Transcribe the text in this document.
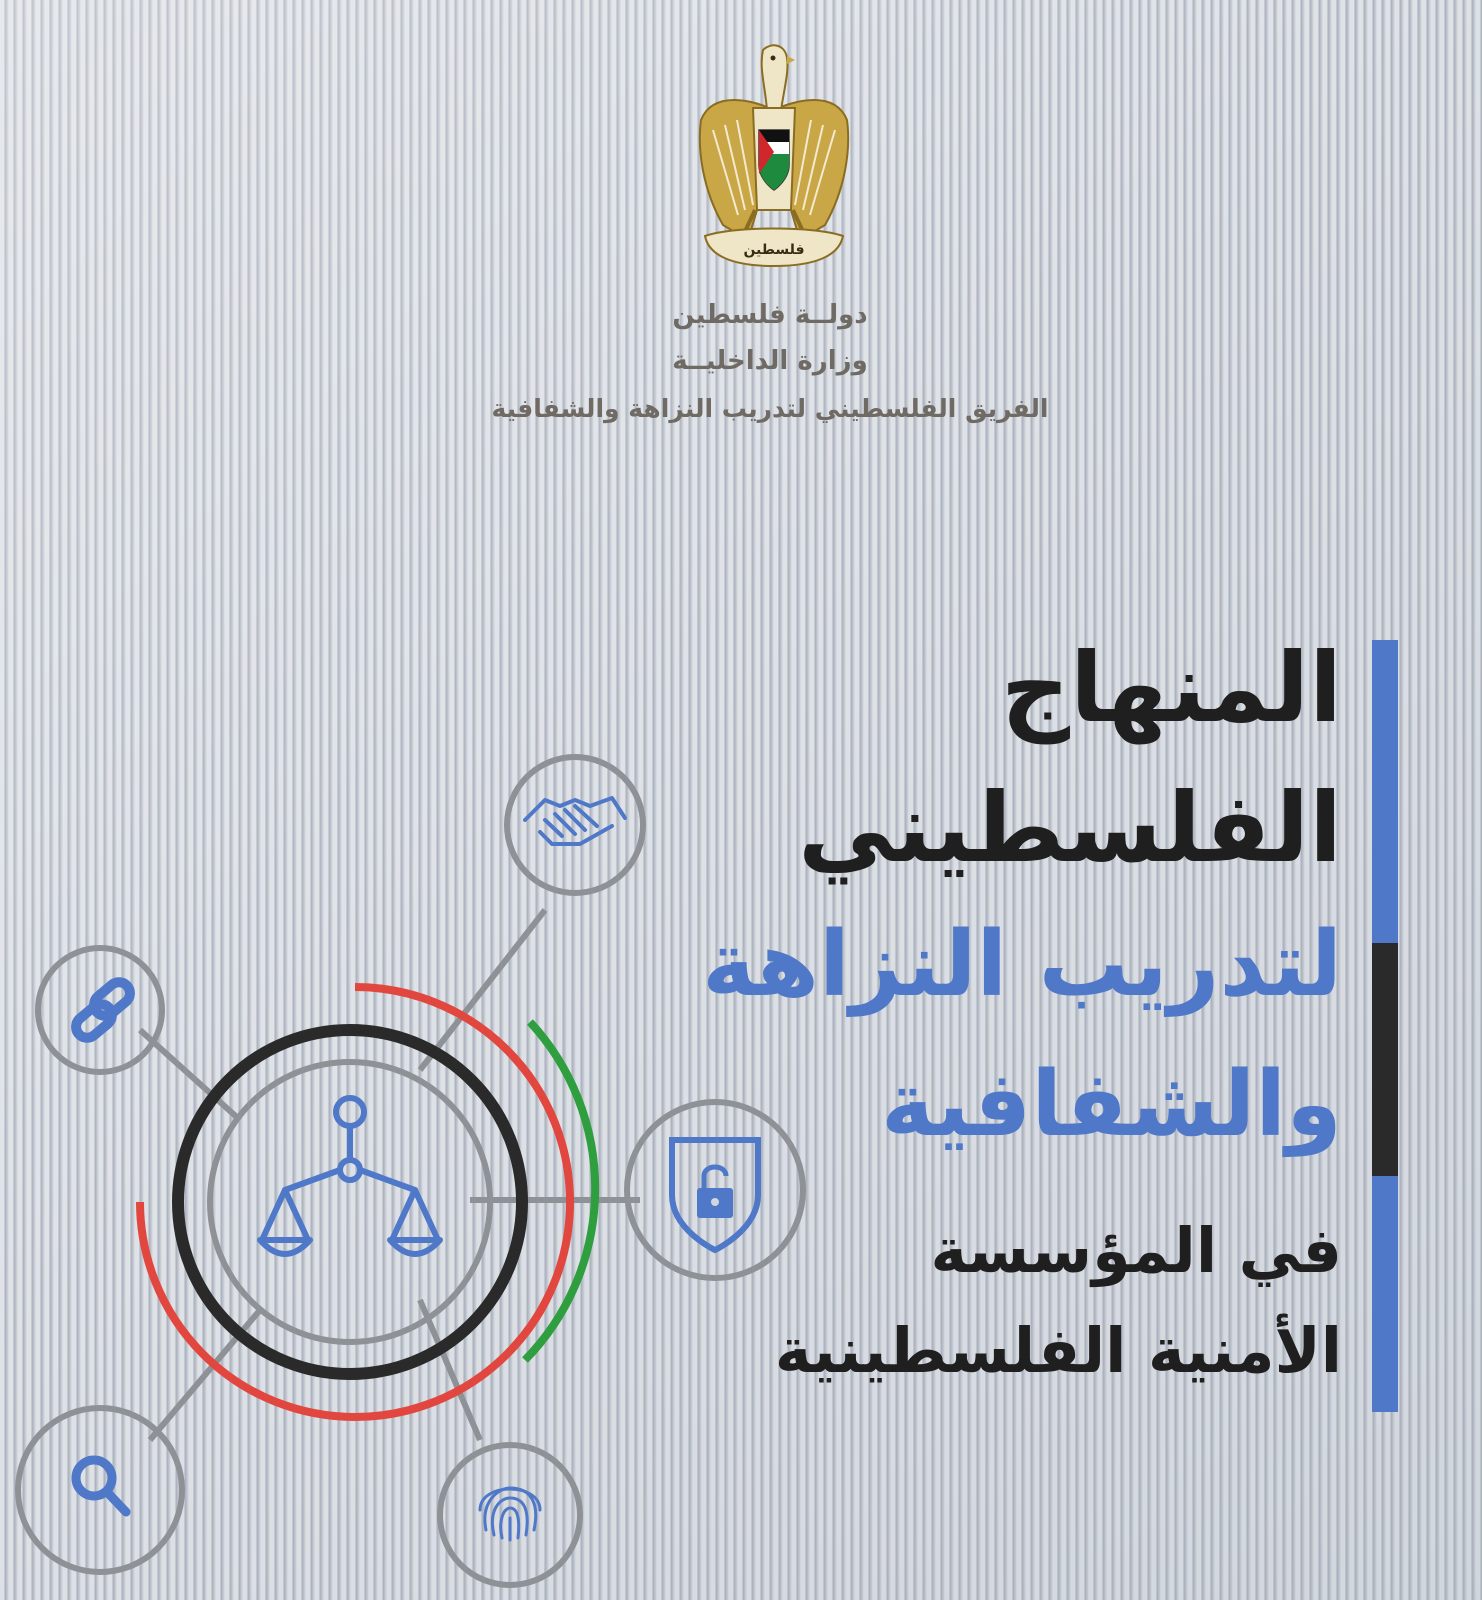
فلسطين
دولــة فلسطين
وزارة الداخليــة
الفريق الفلسطيني لتدريب النزاهة والشفافية
المنهاج
الفلسطيني
لتدريب النزاهة
والشفافية
في المؤسسة
الأمنية الفلسطينية
